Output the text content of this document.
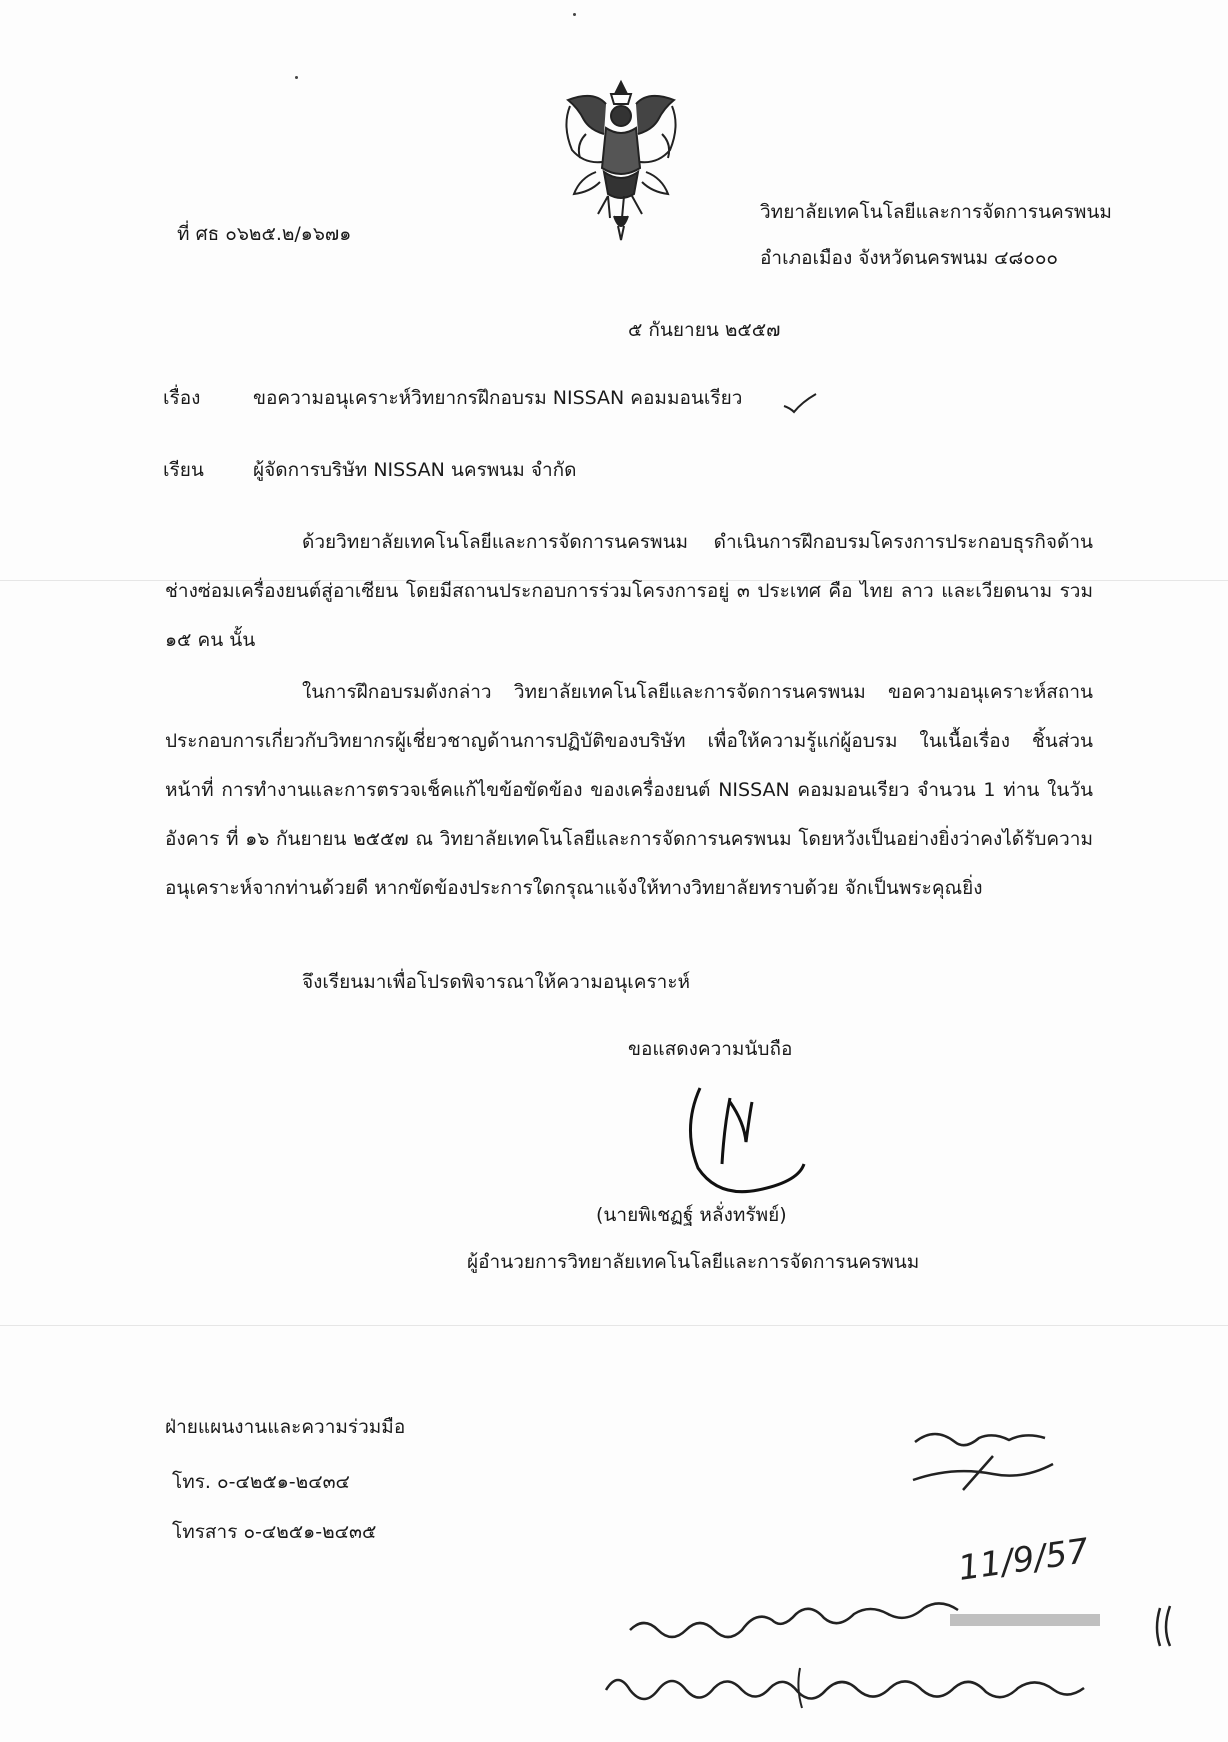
ที่ ศธ ๐๖๒๕.๒/๑๖๗๑
วิทยาลัยเทคโนโลยีและการจัดการนครพนม
อำเภอเมือง จังหวัดนครพนม ๔๘๐๐๐
๕ กันยายน ๒๕๕๗
เรื่อง	ขอความอนุเคราะห์วิทยากรฝึกอบรม NISSAN คอมมอนเรียว
เรียน	ผู้จัดการบริษัท NISSAN นครพนม จำกัด
ด้วยวิทยาลัยเทคโนโลยีและการจัดการนครพนม ดำเนินการฝึกอบรมโครงการประกอบธุรกิจด้านช่างซ่อมเครื่องยนต์สู่อาเซียน โดยมีสถานประกอบการร่วมโครงการอยู่ ๓ ประเทศ คือ ไทย ลาว และเวียดนาม รวม ๑๕ คน นั้น
ในการฝึกอบรมดังกล่าว วิทยาลัยเทคโนโลยีและการจัดการนครพนม ขอความอนุเคราะห์สถานประกอบการเกี่ยวกับวิทยากรผู้เชี่ยวชาญด้านการปฏิบัติของบริษัท เพื่อให้ความรู้แก่ผู้อบรม ในเนื้อเรื่อง ชิ้นส่วนหน้าที่ การทำงานและการตรวจเช็คแก้ไขข้อขัดข้อง ของเครื่องยนต์ NISSAN คอมมอนเรียว จำนวน 1 ท่าน ในวันอังคาร ที่ ๑๖ กันยายน ๒๕๕๗ ณ วิทยาลัยเทคโนโลยีและการจัดการนครพนม โดยหวังเป็นอย่างยิ่งว่าคงได้รับความอนุเคราะห์จากท่านด้วยดี หากขัดข้องประการใดกรุณาแจ้งให้ทางวิทยาลัยทราบด้วย จักเป็นพระคุณยิ่ง
จึงเรียนมาเพื่อโปรดพิจารณาให้ความอนุเคราะห์
ขอแสดงความนับถือ
(นายพิเชฏฐ์ หลั่งทรัพย์)
ผู้อำนวยการวิทยาลัยเทคโนโลยีและการจัดการนครพนม
ฝ่ายแผนงานและความร่วมมือ
โทร. ๐-๔๒๕๑-๒๔๓๔
โทรสาร ๐-๔๒๕๑-๒๔๓๕	11/9/57
